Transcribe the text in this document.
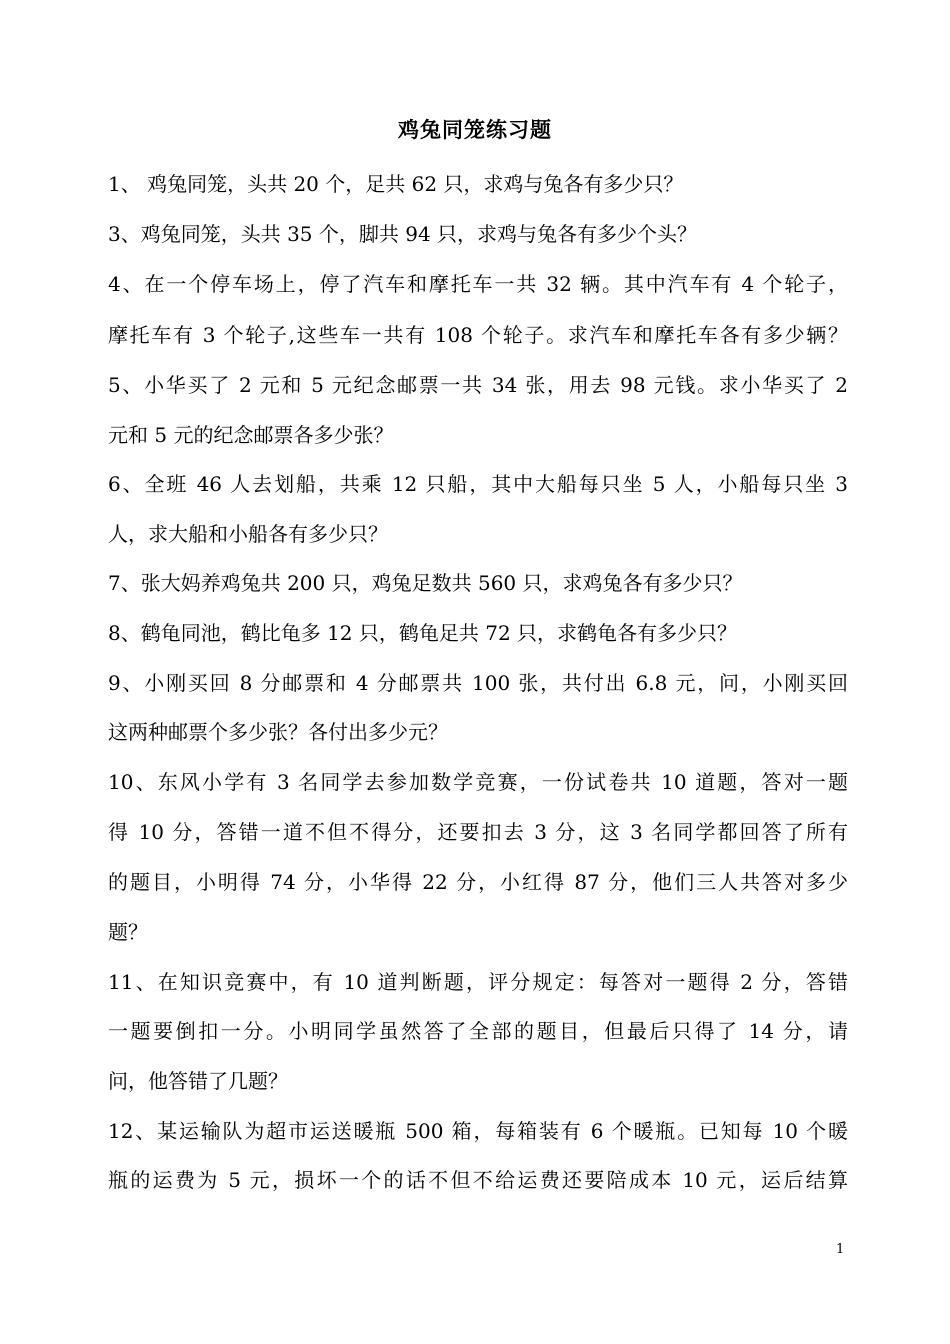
鸡兔同笼练习题
1、 鸡兔同笼，头共 20 个，足共 62 只，求鸡与兔各有多少只？
3、鸡兔同笼，头共 35 个，脚共 94 只，求鸡与兔各有多少个头？
4、在一个停车场上，停了汽车和摩托车一共 32 辆。其中汽车有 4 个轮子，
摩托车有 3 个轮子,这些车一共有 108 个轮子。求汽车和摩托车各有多少辆？
5、小华买了 2 元和 5 元纪念邮票一共 34 张，用去 98 元钱。求小华买了 2
元和 5 元的纪念邮票各多少张？
6、全班 46 人去划船，共乘 12 只船，其中大船每只坐 5 人，小船每只坐 3
人，求大船和小船各有多少只？
7、张大妈养鸡兔共 200 只，鸡兔足数共 560 只，求鸡兔各有多少只？
8、鹤龟同池，鹤比龟多 12 只，鹤龟足共 72 只，求鹤龟各有多少只？
9、小刚买回 8 分邮票和 4 分邮票共 100 张，共付出 6.8 元，问，小刚买回
这两种邮票个多少张？各付出多少元？
10、东风小学有 3 名同学去参加数学竞赛，一份试卷共 10 道题，答对一题
得 10 分，答错一道不但不得分，还要扣去 3 分，这 3 名同学都回答了所有
的题目，小明得 74 分，小华得 22 分，小红得 87 分，他们三人共答对多少
题？
11、在知识竞赛中，有 10 道判断题，评分规定：每答对一题得 2 分，答错
一题要倒扣一分。小明同学虽然答了全部的题目，但最后只得了 14 分，请
问，他答错了几题？
12、某运输队为超市运送暖瓶 500 箱，每箱装有 6 个暖瓶。已知每 10 个暖
瓶的运费为 5 元，损坏一个的话不但不给运费还要陪成本 10 元，运后结算
1
